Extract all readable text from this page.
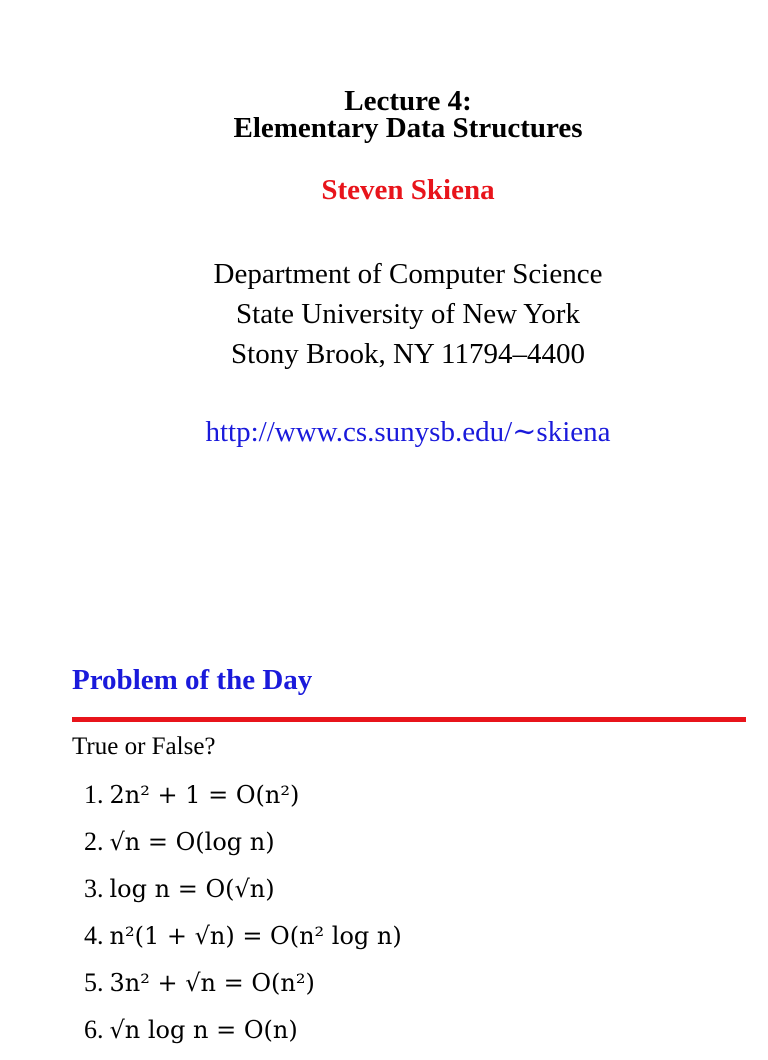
Lecture 4:
Elementary Data Structures
Steven Skiena
Department of Computer Science
State University of New York
Stony Brook, NY 11794–4400
http://www.cs.sunysb.edu/∼skiena
Problem of the Day
True or False?
1. 2n² + 1 = O(n²)
2. √n = O(log n)
3. log n = O(√n)
4. n²(1 + √n) = O(n² log n)
5. 3n² + √n = O(n²)
6. √n log n = O(n)
